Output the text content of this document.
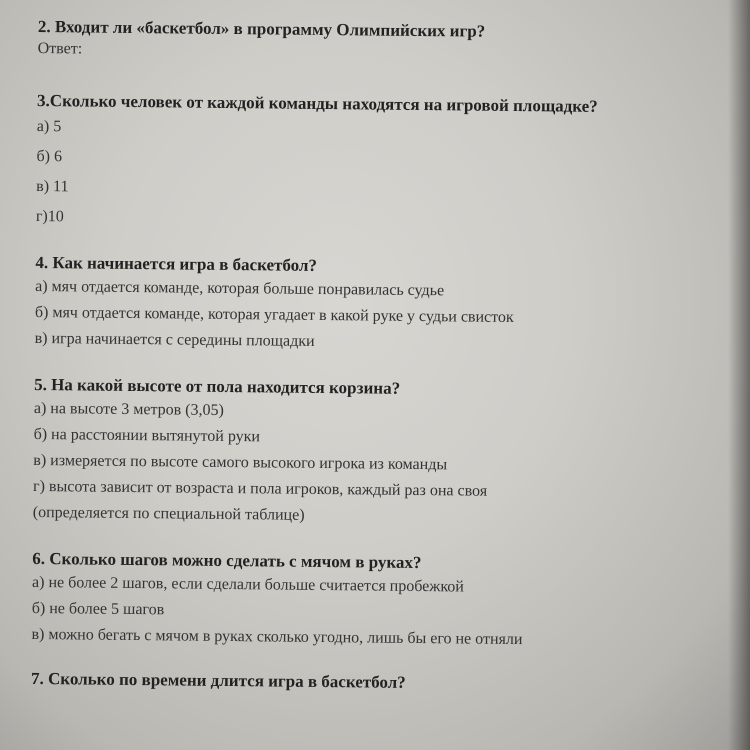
2. Входит ли «баскетбол» в программу Олимпийских игр?

Ответ:

3.Сколько человек от каждой команды находятся на игровой площадке?

а) 5

б) 6

в) 11

г)10

4. Как начинается игра в баскетбол?

а) мяч отдается команде, которая больше понравилась судье

б) мяч отдается команде, которая угадает в какой руке у судьи свисток

в) игра начинается с середины площадки

5. На какой высоте от пола находится корзина?

а) на высоте 3 метров (3,05)

б) на расстоянии вытянутой руки

в) измеряется по высоте самого высокого игрока из команды

г) высота зависит от возраста и пола игроков, каждый раз она своя

(определяется по специальной таблице)

6. Сколько шагов можно сделать с мячом в руках?

а) не более 2 шагов, если сделали больше считается пробежкой

б) не более 5 шагов

в) можно бегать с мячом в руках сколько угодно, лишь бы его не отняли

7. Сколько по времени длится игра в баскетбол?
